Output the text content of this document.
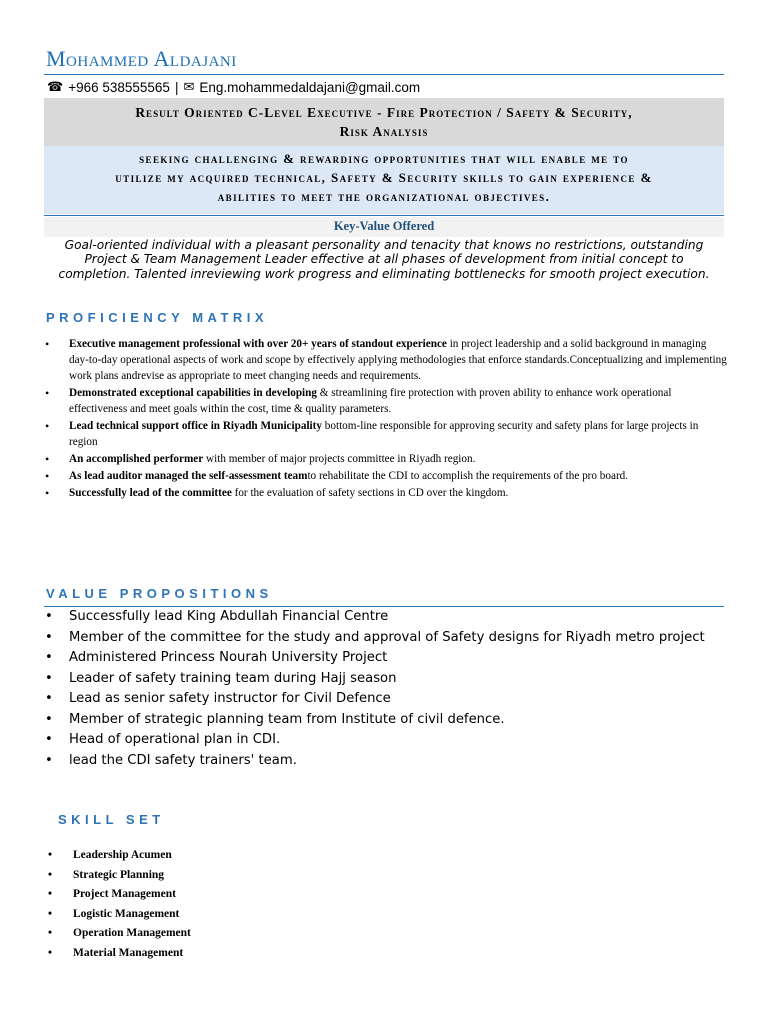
Mohammed Aldajani
☎ +966 538555565 | ✉ Eng.mohammedaldajani@gmail.com
Result Oriented C-Level Executive - Fire Protection / Safety & Security,
Risk Analysis
seeking challenging & rewarding opportunities that will enable me to
utilize my acquired technical, Safety & Security skills to gain experience &
abilities to meet the organizational objectives.
Key-Value Offered
Goal-oriented individual with a pleasant personality and tenacity that knows no restrictions, outstanding Project & Team Management Leader effective at all phases of development from initial concept to completion. Talented inreviewing work progress and eliminating bottlenecks for smooth project execution.
PROFICIENCY MATRIX
• Executive management professional with over 20+ years of standout experience in project leadership and a solid background in managing day-to-day operational aspects of work and scope by effectively applying methodologies that enforce standards.Conceptualizing and implementing work plans andrevise as appropriate to meet changing needs and requirements.
• Demonstrated exceptional capabilities in developing & streamlining fire protection with proven ability to enhance work operational effectiveness and meet goals within the cost, time & quality parameters.
• Lead technical support office in Riyadh Municipality bottom-line responsible for approving security and safety plans for large projects in region
• An accomplished performer with member of major projects committee in Riyadh region.
• As lead auditor managed the self-assessment teamto rehabilitate the CDI to accomplish the requirements of the pro board.
• Successfully lead of the committee for the evaluation of safety sections in CD over the kingdom.
VALUE PROPOSITIONS
• Successfully lead King Abdullah Financial Centre
• Member of the committee for the study and approval of Safety designs for Riyadh metro project
• Administered Princess Nourah University Project
• Leader of safety training team during Hajj season
• Lead as senior safety instructor for Civil Defence
• Member of strategic planning team from Institute of civil defence.
• Head of operational plan in CDI.
• lead the CDI safety trainers' team.
SKILL SET
• Leadership Acumen
• Strategic Planning
• Project Management
• Logistic Management
• Operation Management
• Material Management
